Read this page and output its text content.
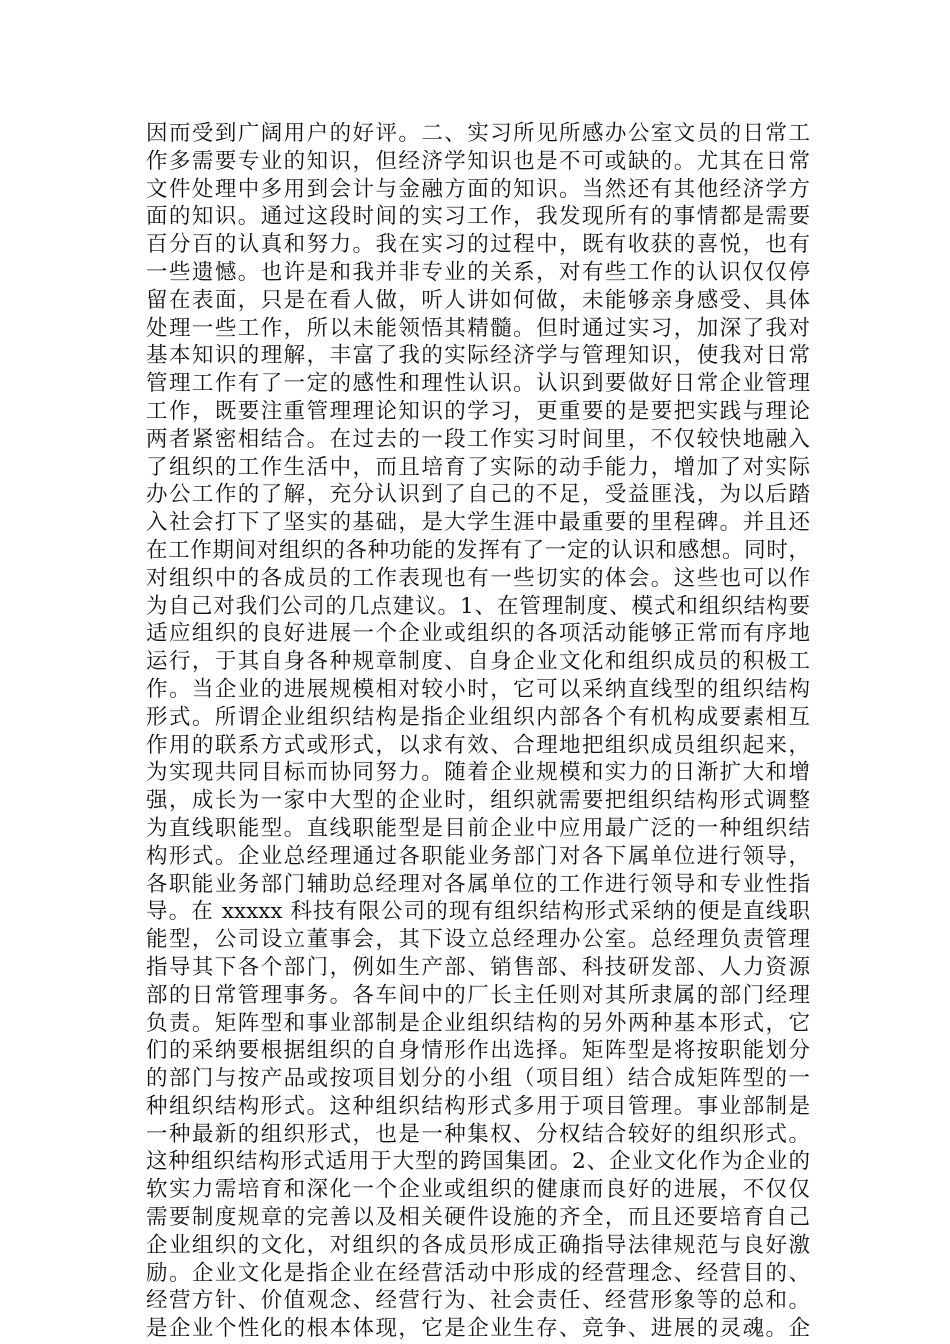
因而受到广阔用户的好评。二、实习所见所感办公室文员的日常工
作多需要专业的知识，但经济学知识也是不可或缺的。尤其在日常
文件处理中多用到会计与金融方面的知识。当然还有其他经济学方
面的知识。通过这段时间的实习工作，我发现所有的事情都是需要
百分百的认真和努力。我在实习的过程中，既有收获的喜悦，也有
一些遗憾。也许是和我并非专业的关系，对有些工作的认识仅仅停
留在表面，只是在看人做，听人讲如何做，未能够亲身感受、具体
处理一些工作，所以未能领悟其精髓。但时通过实习，加深了我对
基本知识的理解，丰富了我的实际经济学与管理知识，使我对日常
管理工作有了一定的感性和理性认识。认识到要做好日常企业管理
工作，既要注重管理理论知识的学习，更重要的是要把实践与理论
两者紧密相结合。在过去的一段工作实习时间里，不仅较快地融入
了组织的工作生活中，而且培育了实际的动手能力，增加了对实际
办公工作的了解，充分认识到了自己的不足，受益匪浅，为以后踏
入社会打下了坚实的基础，是大学生涯中最重要的里程碑。并且还
在工作期间对组织的各种功能的发挥有了一定的认识和感想。同时，
对组织中的各成员的工作表现也有一些切实的体会。这些也可以作
为自己对我们公司的几点建议。1、在管理制度、模式和组织结构要
适应组织的良好进展一个企业或组织的各项活动能够正常而有序地
运行，于其自身各种规章制度、自身企业文化和组织成员的积极工
作。当企业的进展规模相对较小时，它可以采纳直线型的组织结构
形式。所谓企业组织结构是指企业组织内部各个有机构成要素相互
作用的联系方式或形式，以求有效、合理地把组织成员组织起来，
为实现共同目标而协同努力。随着企业规模和实力的日渐扩大和增
强，成长为一家中大型的企业时，组织就需要把组织结构形式调整
为直线职能型。直线职能型是目前企业中应用最广泛的一种组织结
构形式。企业总经理通过各职能业务部门对各下属单位进行领导，
各职能业务部门辅助总经理对各属单位的工作进行领导和专业性指
导。在 xxxxx 科技有限公司的现有组织结构形式采纳的便是直线职
能型，公司设立董事会，其下设立总经理办公室。总经理负责管理
指导其下各个部门，例如生产部、销售部、科技研发部、人力资源
部的日常管理事务。各车间中的厂长主任则对其所隶属的部门经理
负责。矩阵型和事业部制是企业组织结构的另外两种基本形式，它
们的采纳要根据组织的自身情形作出选择。矩阵型是将按职能划分
的部门与按产品或按项目划分的小组（项目组）结合成矩阵型的一
种组织结构形式。这种组织结构形式多用于项目管理。事业部制是
一种最新的组织形式，也是一种集权、分权结合较好的组织形式。
这种组织结构形式适用于大型的跨国集团。2、企业文化作为企业的
软实力需培育和深化一个企业或组织的健康而良好的进展，不仅仅
需要制度规章的完善以及相关硬件设施的齐全，而且还要培育自己
企业组织的文化，对组织的各成员形成正确指导法律规范与良好激
励。企业文化是指企业在经营活动中形成的经营理念、经营目的、
经营方针、价值观念、经营行为、社会责任、经营形象等的总和。
是企业个性化的根本体现，它是企业生存、竞争、进展的灵魂。企
